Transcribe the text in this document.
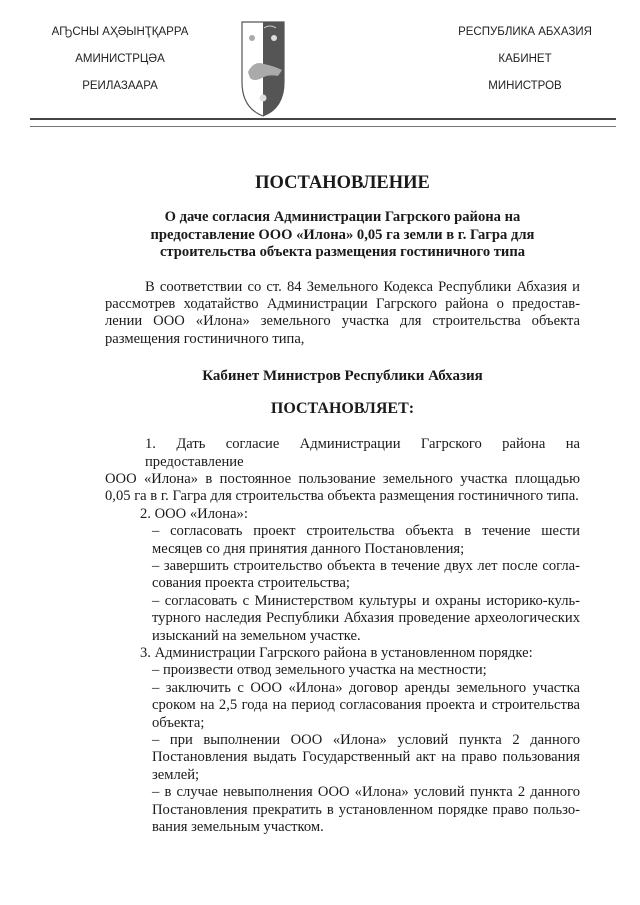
АҦСНЫ АҲӘЫНҬҚАРРА
АМИНИСТРЦӘА
РЕИЛАЗААРА
РЕСПУБЛИКА АБХАЗИЯ
КАБИНЕТ
МИНИСТРОВ
ПОСТАНОВЛЕНИЕ
О даче согласия Администрации Гагрского района на
предоставление ООО «Илона» 0,05 га земли в г. Гагра для
строительства объекта размещения гостиничного типа
В соответствии со ст. 84 Земельного Кодекса Республики Абхазия и
рассмотрев ходатайство Администрации Гагрского района о предостав-
лении ООО «Илона» земельного участка для строительства объекта
размещения гостиничного типа,
Кабинет Министров Республики Абхазия
ПОСТАНОВЛЯЕТ:
1. Дать согласие Администрации Гагрского района на предоставление
ООО «Илона» в постоянное пользование земельного участка площадью
0,05 га в г. Гагра для строительства объекта размещения гостиничного типа.
2. ООО «Илона»:
– согласовать проект строительства объекта в течение шести
месяцев со дня принятия данного Постановления;
– завершить строительство объекта в течение двух лет после согла-
сования проекта строительства;
– согласовать с Министерством культуры и охраны историко-куль-
турного наследия Республики Абхазия проведение археологических
изысканий на земельном участке.
3. Администрации Гагрского района в установленном порядке:
– произвести отвод земельного участка на местности;
– заключить с ООО «Илона» договор аренды земельного участка
сроком на 2,5 года на период согласования проекта и строительства
объекта;
– при выполнении ООО «Илона» условий пункта 2 данного
Постановления выдать Государственный акт на право пользования
землей;
– в случае невыполнения ООО «Илона» условий пункта 2 данного
Постановления прекратить в установленном порядке право пользо-
вания земельным участком.
